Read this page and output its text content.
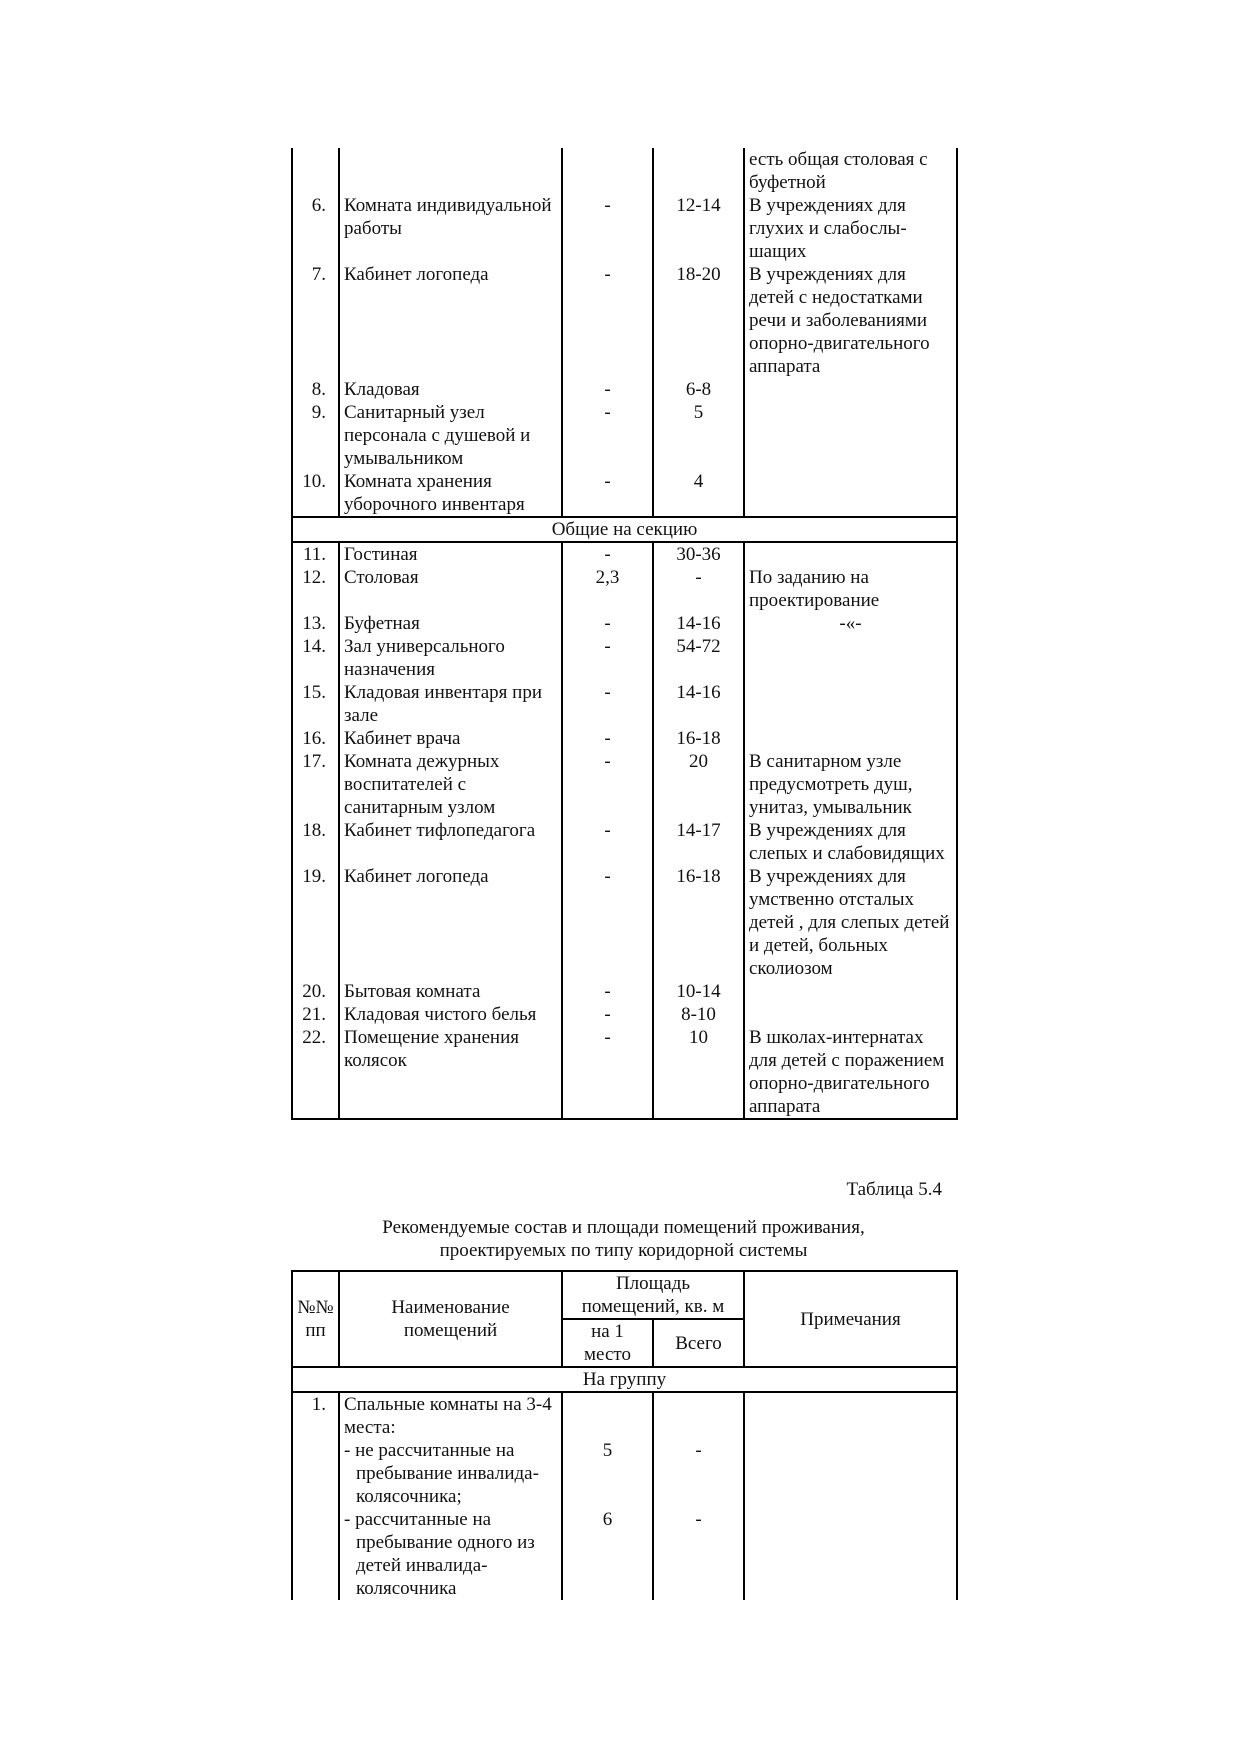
				есть общая столовая с буфетной
6.	Комната индивидуальной работы	-	12-14	В учреждениях для глухих и слабослы-шащих
7.	Кабинет логопеда	-	18-20	В учреждениях для детей с недостатками речи и заболеваниями опорно-двигательного аппарата
8.	Кладовая	-	6-8	
9.	Санитарный узел персонала с душевой и умывальником	-	5	
10.	Комната хранения уборочного инвентаря	-	4	
Общие на секцию				
11.	Гостиная	-	30-36	
12.	Столовая	2,3	-	По заданию на проектирование
13.	Буфетная	-	14-16	-«-
14.	Зал универсального назначения	-	54-72	
15.	Кладовая инвентаря при зале	-	14-16	
16.	Кабинет врача	-	16-18	
17.	Комната дежурных воспитателей с санитарным узлом	-	20	В санитарном узле предусмотреть душ, унитаз, умывальник
18.	Кабинет тифлопедагога	-	14-17	В учреждениях для слепых и слабовидящих
19.	Кабинет логопеда	-	16-18	В учреждениях для умственно отсталых детей , для слепых детей и детей, больных сколиозом
20.	Бытовая комната	-	10-14	
21.	Кладовая чистого белья	-	8-10	
22.	Помещение хранения колясок	-	10	В школах-интернатах для детей с поражением опорно-двигательного аппарата
Таблица 5.4
Рекомендуемые состав и площади помещений проживания,
проектируемых по типу коридорной системы
№№ пп	Наименование помещений	Площадь помещений, кв. м		Примечания
		на 1 место	Всего	
На группу				
1.	Спальные комнаты на 3-4 места:			
	- не рассчитанные на пребывание инвалида-колясочника;	5	-	
	- рассчитанные на пребывание одного из детей инвалида-колясочника	6	-	
